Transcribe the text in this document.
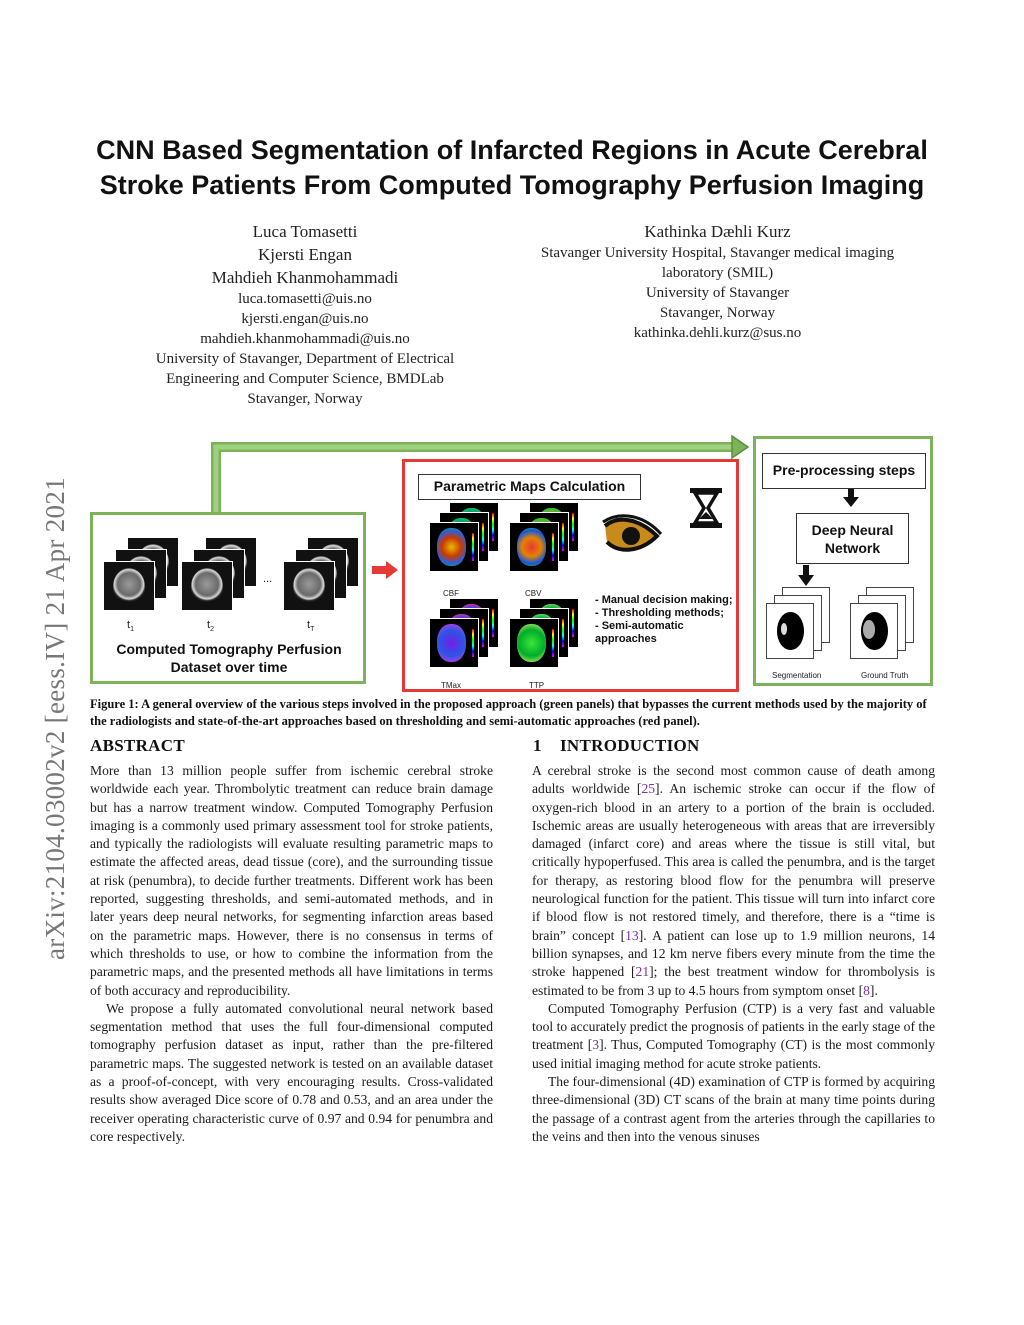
arXiv:2104.03002v2 [eess.IV] 21 Apr 2021
CNN Based Segmentation of Infarcted Regions in Acute Cerebral
Stroke Patients From Computed Tomography Perfusion Imaging
Luca Tomasetti
Kjersti Engan
Mahdieh Khanmohammadi
luca.tomasetti@uis.no
kjersti.engan@uis.no
mahdieh.khanmohammadi@uis.no
University of Stavanger, Department of Electrical
Engineering and Computer Science, BMDLab
Stavanger, Norway
Kathinka Dæhli Kurz
Stavanger University Hospital, Stavanger medical imaging
laboratory (SMIL)
University of Stavanger
Stavanger, Norway
kathinka.dehli.kurz@sus.no
...
$t_1$	$t_2$	$t_T$
Computed Tomography Perfusion Dataset over time
Parametric Maps Calculation
CBF	CBV
TMax	TTP
- Manual decision making;
- Thresholding methods;
- Semi-automatic
approaches
Pre-processing steps
Deep Neural Network
Segmentation	Ground Truth
Figure 1: A general overview of the various steps involved in the proposed approach (green panels) that bypasses the current methods used by the majority of the radiologists and state-of-the-art approaches based on thresholding and semi-automatic approaches (red panel).
ABSTRACT

More than 13 million people suffer from ischemic cerebral stroke worldwide each year. Thrombolytic treatment can reduce brain damage but has a narrow treatment window. Computed Tomography Perfusion imaging is a commonly used primary assessment tool for stroke patients, and typically the radiologists will evaluate resulting parametric maps to estimate the affected areas, dead tissue (core), and the surrounding tissue at risk (penumbra), to decide further treatments. Different work has been reported, suggesting thresholds, and semi-automated methods, and in later years deep neural networks, for segmenting infarction areas based on the parametric maps. However, there is no consensus in terms of which thresholds to use, or how to combine the information from the parametric maps, and the presented methods all have limitations in terms of both accuracy and reproducibility.

We propose a fully automated convolutional neural network based segmentation method that uses the full four-dimensional computed tomography perfusion dataset as input, rather than the pre-filtered parametric maps. The suggested network is tested on an available dataset as a proof-of-concept, with very encouraging results. Cross-validated results show averaged Dice score of 0.78 and 0.53, and an area under the receiver operating characteristic curve of 0.97 and 0.94 for penumbra and core respectively.

1    INTRODUCTION

A cerebral stroke is the second most common cause of death among adults worldwide [25]. An ischemic stroke can occur if the flow of oxygen-rich blood in an artery to a portion of the brain is occluded. Ischemic areas are usually heterogeneous with areas that are irreversibly damaged (infarct core) and areas where the tissue is still vital, but critically hypoperfused. This area is called the penumbra, and is the target for therapy, as restoring blood flow for the penumbra will preserve neurological function for the patient. This tissue will turn into infarct core if blood flow is not restored timely, and therefore, there is a “time is brain” concept [13]. A patient can lose up to 1.9 million neurons, 14 billion synapses, and 12 km nerve fibers every minute from the time the stroke happened [21]; the best treatment window for thrombolysis is estimated to be from 3 up to 4.5 hours from symptom onset [8].

Computed Tomography Perfusion (CTP) is a very fast and valuable tool to accurately predict the prognosis of patients in the early stage of the treatment [3]. Thus, Computed Tomography (CT) is the most commonly used initial imaging method for acute stroke patients.

The four-dimensional (4D) examination of CTP is formed by acquiring three-dimensional (3D) CT scans of the brain at many time points during the passage of a contrast agent from the arteries through the capillaries to the veins and then into the venous sinuses
